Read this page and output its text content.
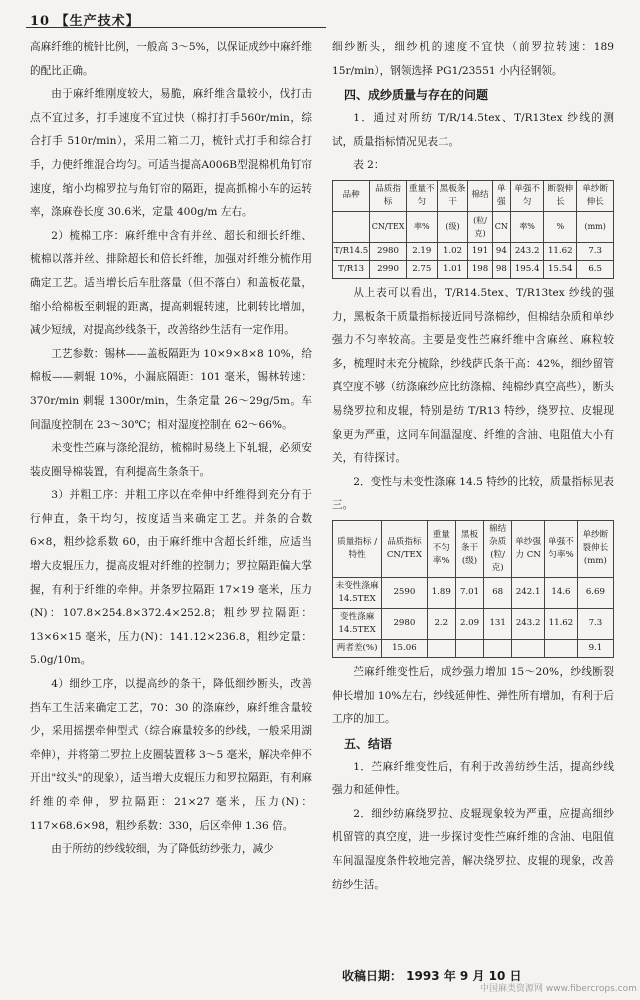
10 【生产技术】

高麻纤维的梳针比例，一般高 3～5%，以保证成纱中麻纤维的配比正确。

由于麻纤维刚度较大，易脆，麻纤维含量较小，伐打击点不宜过多，打手速度不宜过快（棉打打手560r/min，综合打手 510r/min），采用二箱二刀，梳针式打手和综合打手，力使纤维混合均匀。可适当提高A006B型混棉机角钉帘速度，缩小均棉罗拉与角钉帘的隔距，提高抓棉小车的运转率，涤麻卷长度 30.6米，定量 400g/m 左右。

2）梳棉工序：麻纤维中含有并丝、超长和细长纤维、梳棉以落并丝、排除超长和倍长纤维，加强对纤维分梳作用确定工艺。适当增长后车肚落量（但不落白）和盖板花量，缩小给棉板至刺辊的距离，提高刺辊转速，比刺转比增加，减少短绒，对提高纱线条干，改善络纱生活有一定作用。

工艺参数：锡林——盖板隔距为 10×9×8×8 10%，给棉板——刺辊 10%，小漏底隔距：101 毫米，锡林转速：370r/min 刺辊 1300r/min，生条定量 26～29g/5m。车间温度控制在 23～30℃；相对湿度控制在 62～66%。

未变性苎麻与涤纶混纺，梳棉时易绕上下轧辊，必须安装皮圈导棉装置，有利提高生条条干。

3）并粗工序：并粗工序以在牵伸中纤维得到充分有于行伸直，条干均匀，按度适当来确定工艺。并条的合数 6×8，粗纱捻系数 60，由于麻纤维中含超长纤维，应适当增大皮辊压力，提高皮辊对纤维的控制力；罗拉隔距偏大掌握，有利于纤维的牵伸。并条罗拉隔距 17×19 毫米，压力(N)：107.8×254.8×372.4×252.8；粗纱罗拉隔距：13×6×15 毫米，压力(N)：141.12×236.8，粗纱定量：5.0g/10m。

4）细纱工序，以提高纱的条干，降低细纱断头，改善挡车工生活来确定工艺，70：30 的涤麻纱，麻纤维含量较少，采用摇摆牵伸型式（综合麻量较多的纱线，一般采用湖牵伸），并将第二罗拉上皮圈装置移 3～5 毫米，解决牵伸不开出"纹头"的现象），适当增大皮辊压力和罗拉隔距，有利麻纤维的牵伸，罗拉隔距：21×27 毫米，压力(N)：117×68.6×98，粗纱系数：330，后区牵伸 1.36 倍。

由于所纺的纱线较细，为了降低纺纱张力，减少

细纱断头，细纱机的速度不宜快（前罗拉转速：189 15r/min），钢领选择 PG1/23551 小内径钢领。

四、成纱质量与存在的问题

1．通过对所纺 T/R/14.5tex、T/R13tex 纱线的测试，质量指标情况见表二。

表 2：

品种	品质指标	重量不匀	黑板条干	棉结	单强	单强不匀	断裂伸长	单纱断伸长
	CN/TEX	率%	(级)	(粒/克)	CN	率%	%	(mm)
T/R14.5	2980	2.19	1.02	191	94	243.2	11.62	7.3
T/R13	2990	2.75	1.01	198	98	195.4	15.54	6.5

从上表可以看出，T/R14.5tex、T/R13tex 纱线的强力，黑板条干质量指标接近同号涤棉纱，但棉结杂质和单纱强力不匀率较高。主要是变性苎麻纤维中含麻丝、麻粒较多，梳理时未充分梳除，纱线萨氏条干高：42%，细纱留管真空度不够（纺涤麻纱应比纺涤棉、纯棉纱真空高些），断头易绕罗拉和皮辊，特别是纺 T/R13 特纱，绕罗拉、皮辊现象更为严重，这同车间温湿度、纤维的含油、电阻值大小有关，有待探讨。

2．变性与未变性涤麻 14.5 特纱的比较，质量指标见表三。

质量指标 / 特性	品质指标 CN/TEX	重量不匀率%	黑板条干(级)	棉结杂质(粒/克)	单纱强力 CN	单强不匀率%	单纱断裂伸长(mm)
未变性涤麻 14.5TEX	2590	1.89	7.01	68	242.1	14.6	6.69
变性涤麻 14.5TEX	2980	2.2	2.09	131	243.2	11.62	7.3
两者差(%)	15.06						9.1

苎麻纤维变性后，成纱强力增加 15～20%，纱线断裂伸长增加 10%左右，纱线延伸性、弹性所有增加，有利于后工序的加工。

五、结语

1．苎麻纤维变性后，有利于改善纺纱生活，提高纱线强力和延伸性。

2．细纱纺麻绕罗拉、皮辊现象较为严重，应提高细纱机留管的真空度，进一步探讨变性苎麻纤维的含油、电阻值车间温湿度条件较地完善，解决绕罗拉、皮辊的现象，改善纺纱生活。

收稿日期： 1993 年 9 月 10 日
中国麻类资源网 www.fibercrops.com
